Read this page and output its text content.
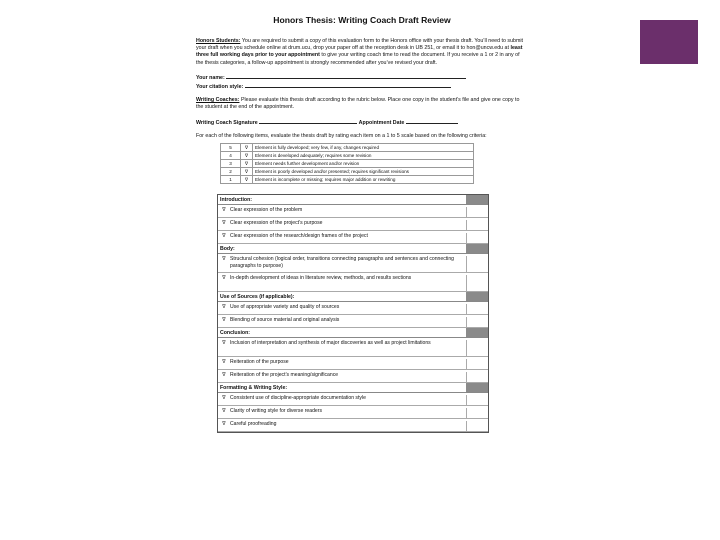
Honors Thesis: Writing Coach Draft Review
Honors Students: You are required to submit a copy of this evaluation form to the Honors office with your thesis draft. You’ll need to submit your draft when you schedule online at drum.ucu, drop your paper off at the reception desk in UB 251, or email it to hon@uncw.edu at least three full working days prior to your appointment to give your writing coach time to read the document. If you receive a 1 or 2 in any of the thesis categories, a follow-up appointment is strongly recommended after you’ve revised your draft.
Your name:
Your citation style:
Writing Coaches: Please evaluate this thesis draft according to the rubric below. Place one copy in the student’s file and give one copy to the student at the end of the appointment.
Writing Coach Signature	Appointment Date
For each of the following items, evaluate the thesis draft by rating each item on a 1 to 5 scale based on the following criteria:
5	∇	Element is fully developed; very few, if any, changes required
4	∇	Element is developed adequately; requires some revision
3	∇	Element needs further development and/or revision
2	∇	Element is poorly developed and/or presented; requires significant revisions
1	∇	Element is incomplete or missing; requires major addition or rewriting
Introduction:
∇ Clear expression of the problem
∇ Clear expression of the project’s purpose
∇ Clear expression of the research/design frames of the project
Body:
∇ Structural cohesion (logical order, transitions connecting paragraphs and sentences and connecting paragraphs to purpose)
∇ In-depth development of ideas in literature review, methods, and results sections
Use of Sources (if applicable):
∇ Use of appropriate variety and quality of sources
∇ Blending of source material and original analysis
Conclusion:
∇ Inclusion of interpretation and synthesis of major discoveries as well as project limitations
∇ Reiteration of the purpose
∇ Reiteration of the project’s meaning/significance
Formatting & Writing Style:
∇ Consistent use of discipline-appropriate documentation style
∇ Clarity of writing style for diverse readers
∇ Careful proofreading
